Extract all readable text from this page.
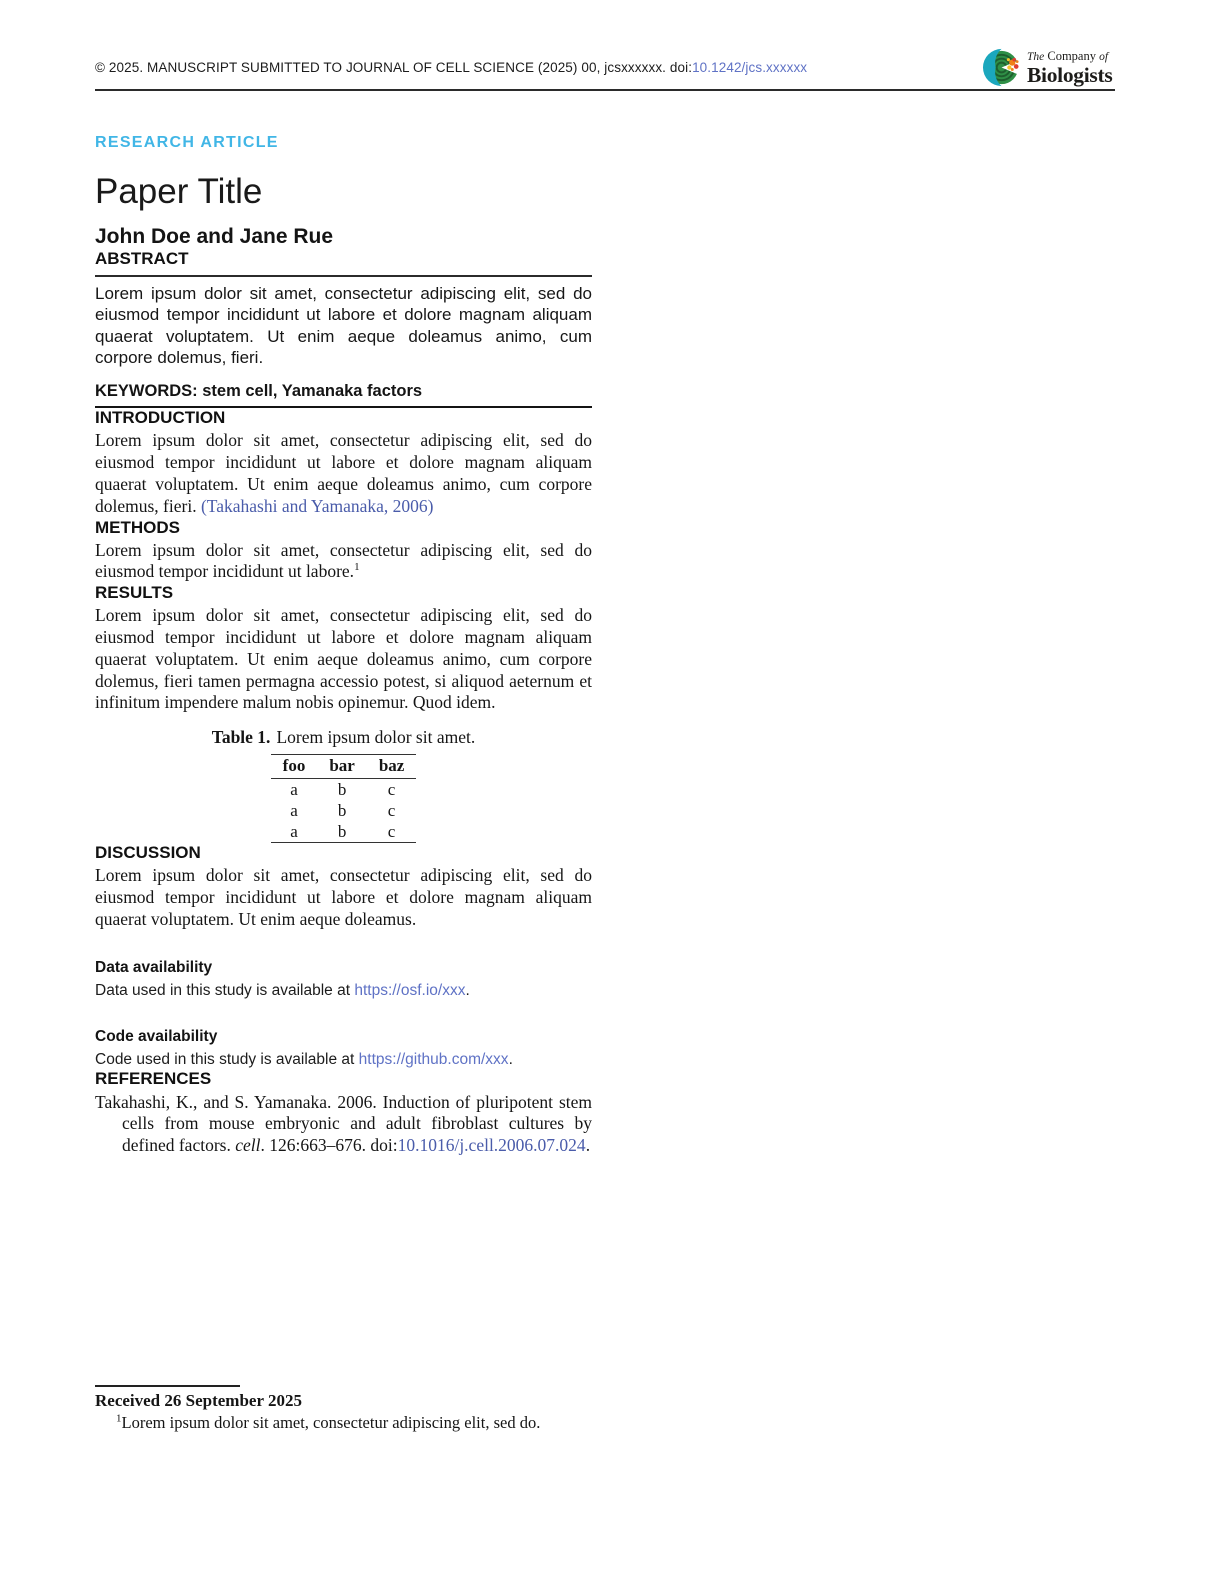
© 2025. MANUSCRIPT SUBMITTED TO JOURNAL OF CELL SCIENCE (2025) 00, jcsxxxxxx. doi:10.1242/jcs.xxxxxx
The Company of
Biologists

RESEARCH ARTICLE

Paper Title
John Doe and Jane Rue
ABSTRACT

Lorem ipsum dolor sit amet, consectetur adipiscing elit, sed do eiusmod tempor incididunt ut labore et dolore magnam aliquam quaerat voluptatem. Ut enim aeque doleamus animo, cum corpore dolemus, fieri.

KEYWORDS: stem cell, Yamanaka factors
INTRODUCTION

Lorem ipsum dolor sit amet, consectetur adipiscing elit, sed do eiusmod tempor incididunt ut labore et dolore magnam aliquam quaerat voluptatem. Ut enim aeque doleamus animo, cum corpore dolemus, fieri. (Takahashi and Yamanaka, 2006)

METHODS

Lorem ipsum dolor sit amet, consectetur adipiscing elit, sed do eiusmod tempor incididunt ut labore.$^1$

RESULTS

Lorem ipsum dolor sit amet, consectetur adipiscing elit, sed do eiusmod tempor incididunt ut labore et dolore magnam aliquam quaerat voluptatem. Ut enim aeque doleamus animo, cum corpore dolemus, fieri tamen permagna accessio potest, si aliquod aeternum et infinitum impendere malum nobis opinemur. Quod idem.

Table 1. Lorem ipsum dolor sit amet.

foo	bar	baz
a	b	c
a	b	c
a	b	c
DISCUSSION

Lorem ipsum dolor sit amet, consectetur adipiscing elit, sed do eiusmod tempor incididunt ut labore et dolore magnam aliquam quaerat voluptatem. Ut enim aeque doleamus.

Data availability

Data used in this study is available at https://osf.io/xxx.

Code availability

Code used in this study is available at https://github.com/xxx.

REFERENCES

Takahashi, K., and S. Yamanaka. 2006. Induction of pluripotent stem cells from mouse embryonic and adult fibroblast cultures by defined factors. cell. 126:663–676. doi:10.1016/j.cell.2006.07.024.

Received 26 September 2025
$^1$Lorem ipsum dolor sit amet, consectetur adipiscing elit, sed do.
